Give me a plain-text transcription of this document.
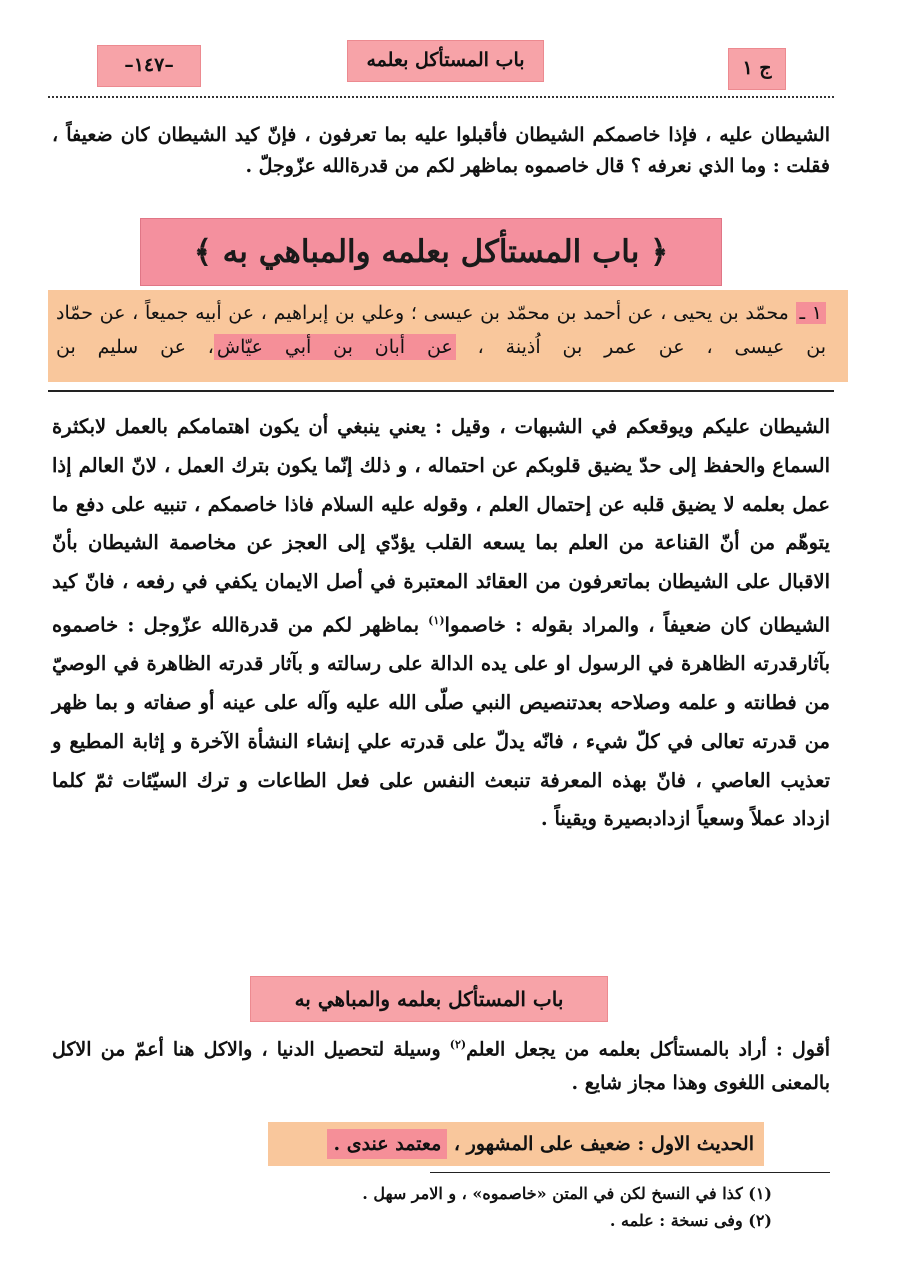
–١٤٧–	باب المستأكل بعلمه	ج ١
الشيطان عليه ، فإذا خاصمكم الشيطان فأقبلوا عليه بما تعرفون ، فإنّ كيد الشيطان كان ضعيفاً ، فقلت : وما الذي نعرفه ؟ قال خاصموه بماظهر لكم من قدرةالله عزّوجلّ .
﴿ باب المستأكل بعلمه والمباهي به ﴾
١ ـ محمّد بن يحيى ، عن أحمد بن محمّد بن عيسى ؛ وعلي بن إبراهيم ، عن أبيه جميعاً ، عن حمّاد بن عيسى ، عن عمر بن اُذينة ، عن أبان بن أبي عيّاش، عن سليم بن
الشيطان عليكم ويوقعكم في الشبهات ، وقيل : يعني ينبغي أن يكون اهتمامكم بالعمل لابكثرة السماع والحفظ إلى حدّ يضيق قلوبكم عن احتماله ، و ذلك إنّما يكون بترك العمل ، لانّ العالم إذا عمل بعلمه لا يضيق قلبه عن إحتمال العلم ، وقوله عليه السلام فاذا خاصمكم ، تنبيه على دفع ما يتوهّم من أنّ القناعة من العلم بما يسعه القلب يؤدّي إلى العجز عن مخاصمة الشيطان بأنّ الاقبال على الشيطان بماتعرفون من العقائد المعتبرة في أصل الايمان يكفي في رفعه ، فانّ كيد الشيطان كان ضعيفاً ، والمراد بقوله : خاصموا$^{(١)}$ بماظهر لكم من قدرةالله عزّوجل : خاصموه بآثارقدرته الظاهرة في الرسول او على يده الدالة على رسالته و بآثار قدرته الظاهرة في الوصيّ من فطانته و علمه وصلاحه بعدتنصيص النبي صلّى الله عليه وآله على عينه أو صفاته و بما ظهر من قدرته تعالى في كلّ شيء ، فانّه يدلّ على قدرته علي إنشاء النشأة الآخرة و إثابة المطيع و تعذيب العاصي ، فانّ بهذه المعرفة تنبعث النفس على فعل الطاعات و ترك السيّئات ثمّ كلما ازداد عملاً وسعياً ازدادبصيرة ويقيناً .
باب المستأكل بعلمه والمباهي به
أقول : أراد بالمستأكل بعلمه من يجعل العلم$^{(٢)}$ وسيلة لتحصيل الدنيا ، والاكل هنا أعمّ من الاكل بالمعنى اللغوى وهذا مجاز شايع .
الحديث الاول : ضعيف على المشهور ، معتمد عندى .
(١) كذا في النسخ لكن في المتن «خاصموه» ، و الامر سهل .
(٢) وفى نسخة : علمه .
